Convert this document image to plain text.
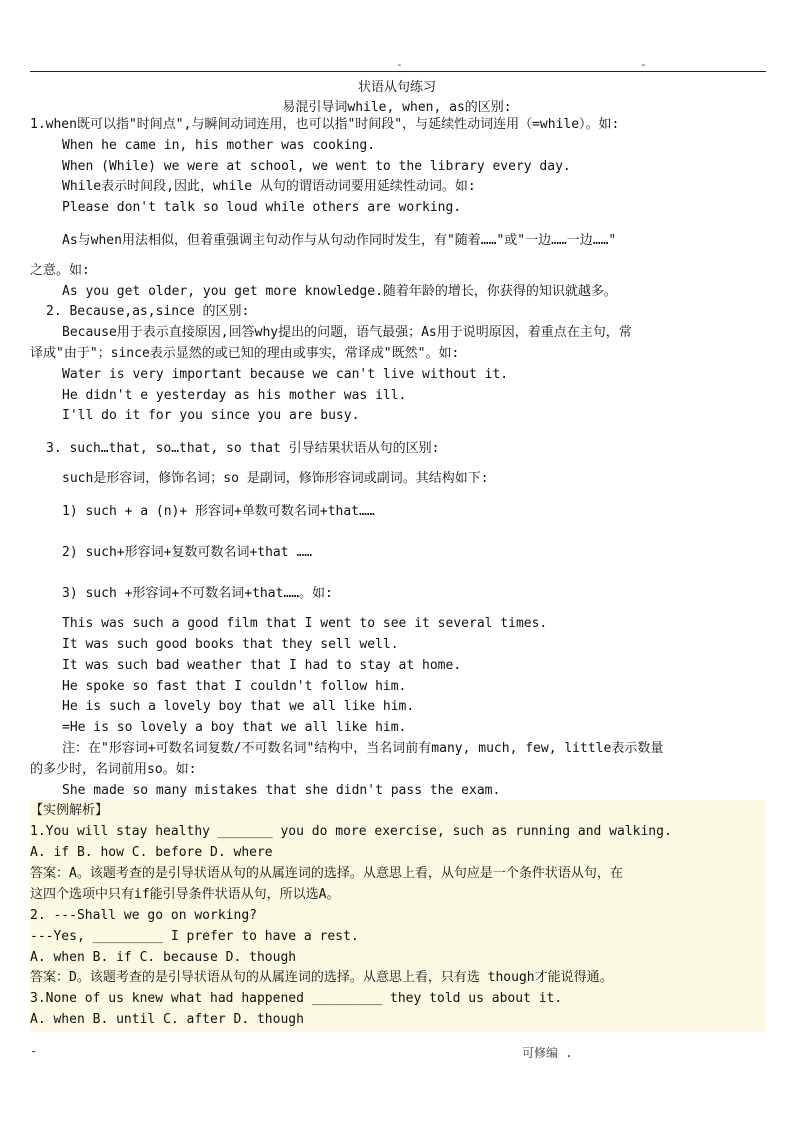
-	-
状语从句练习
易混引导词while, when, as的区别:
1.when既可以指"时间点",与瞬间动词连用，也可以指"时间段"，与延续性动词连用（=while）。如:
When he came in, his mother was cooking.
When (While) we were at school, we went to the library every day.
While表示时间段,因此，while 从句的谓语动词要用延续性动词。如:
Please don't talk so loud while others are working.
As与when用法相似，但着重强调主句动作与从句动作同时发生，有"随着……"或"一边……一边……"
之意。如:
As you get older, you get more knowledge.随着年龄的增长，你获得的知识就越多。
2. Because,as,since 的区别:
Because用于表示直接原因,回答why提出的问题，语气最强；As用于说明原因，着重点在主句，常
译成"由于"；since表示显然的或已知的理由或事实，常译成"既然"。如:
Water is very important because we can't live without it.
He didn't e yesterday as his mother was ill.
I'll do it for you since you are busy.
3. such…that, so…that, so that 引导结果状语从句的区别:
such是形容词，修饰名词；so 是副词，修饰形容词或副词。其结构如下:
1) such + a (n)+ 形容词+单数可数名词+that……
2) such+形容词+复数可数名词+that ……
3) such +形容词+不可数名词+that……。如:
This was such a good film that I went to see it several times.
It was such good books that they sell well.
It was such bad weather that I had to stay at home.
He spoke so fast that I couldn't follow him.
He is such a lovely boy that we all like him.
=He is so lovely a boy that we all like him.
注：在"形容词+可数名词复数/不可数名词"结构中，当名词前有many, much, few, little表示数量
的多少时，名词前用so。如:
She made so many mistakes that she didn't pass the exam.
【实例解析】
1.You will stay healthy _______ you do more exercise, such as running and walking.
A. if B. how C. before D. where
答案：A。该题考查的是引导状语从句的从属连词的选择。从意思上看，从句应是一个条件状语从句，在
这四个选项中只有if能引导条件状语从句，所以选A。
2. ---Shall we go on working?
---Yes, _________ I prefer to have a rest.
A. when B. if C. because D. though
答案：D。该题考查的是引导状语从句的从属连词的选择。从意思上看，只有选 though才能说得通。
3.None of us knew what had happened _________ they told us about it.
A. when B. until C. after D. though
-	可修编 .
